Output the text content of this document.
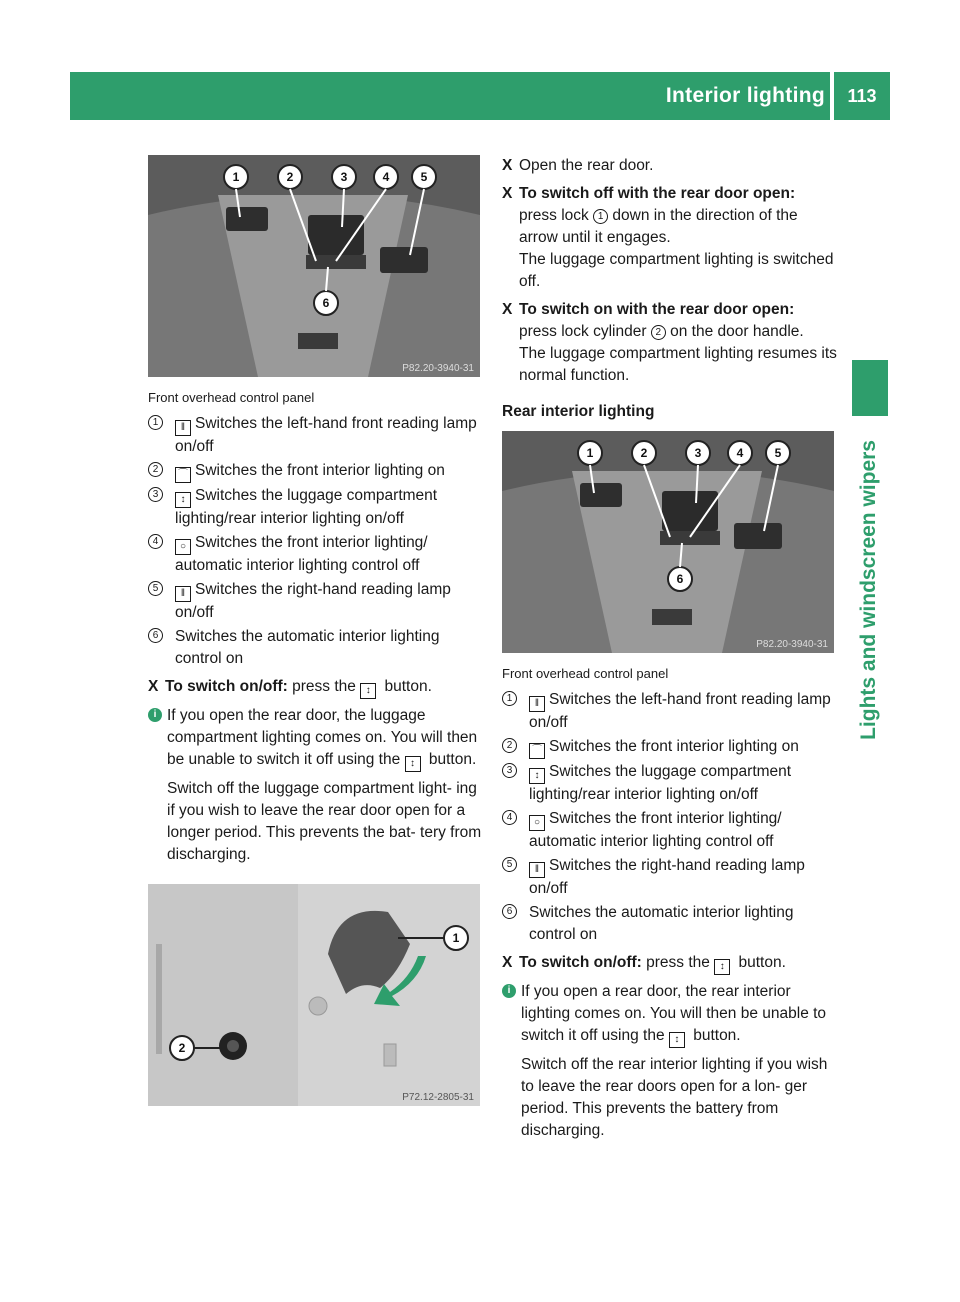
Interior lighting	113
Lights and windscreen wipers
1	2	3	4	5
6
P82.20-3940-31
Front overhead control panel
1	‖ Switches the left-hand front reading lamp on/off
2	⌒ Switches the front interior lighting on
3	↕ Switches the luggage compartment lighting/rear interior lighting on/off
4	○ Switches the front interior lighting/ automatic interior lighting control off
5	‖ Switches the right-hand reading lamp on/off
6	Switches the automatic interior lighting control on
X To switch on/off: press the ↕ button.
i If you open the rear door, the luggage compartment lighting comes on. You will then be unable to switch it off using the ↕ button.
Switch off the luggage compartment light- ing if you wish to leave the rear door open for a longer period. This prevents the bat- tery from discharging.
1
2
P72.12-2805-31
X Open the rear door.
X To switch off with the rear door open:
press lock 1 down in the direction of the arrow until it engages.
The luggage compartment lighting is switched off.
X To switch on with the rear door open:
press lock cylinder 2 on the door handle.
The luggage compartment lighting resumes its normal function.
Rear interior lighting
1	2	3	4	5
6
P82.20-3940-31
Front overhead control panel
1	‖ Switches the left-hand front reading lamp on/off
2	⌒ Switches the front interior lighting on
3	↕ Switches the luggage compartment lighting/rear interior lighting on/off
4	○ Switches the front interior lighting/ automatic interior lighting control off
5	‖ Switches the right-hand reading lamp on/off
6	Switches the automatic interior lighting control on
X To switch on/off: press the ↕ button.
i If you open a rear door, the rear interior lighting comes on. You will then be unable to switch it off using the ↕ button.
Switch off the rear interior lighting if you wish to leave the rear doors open for a lon- ger period. This prevents the battery from discharging.
